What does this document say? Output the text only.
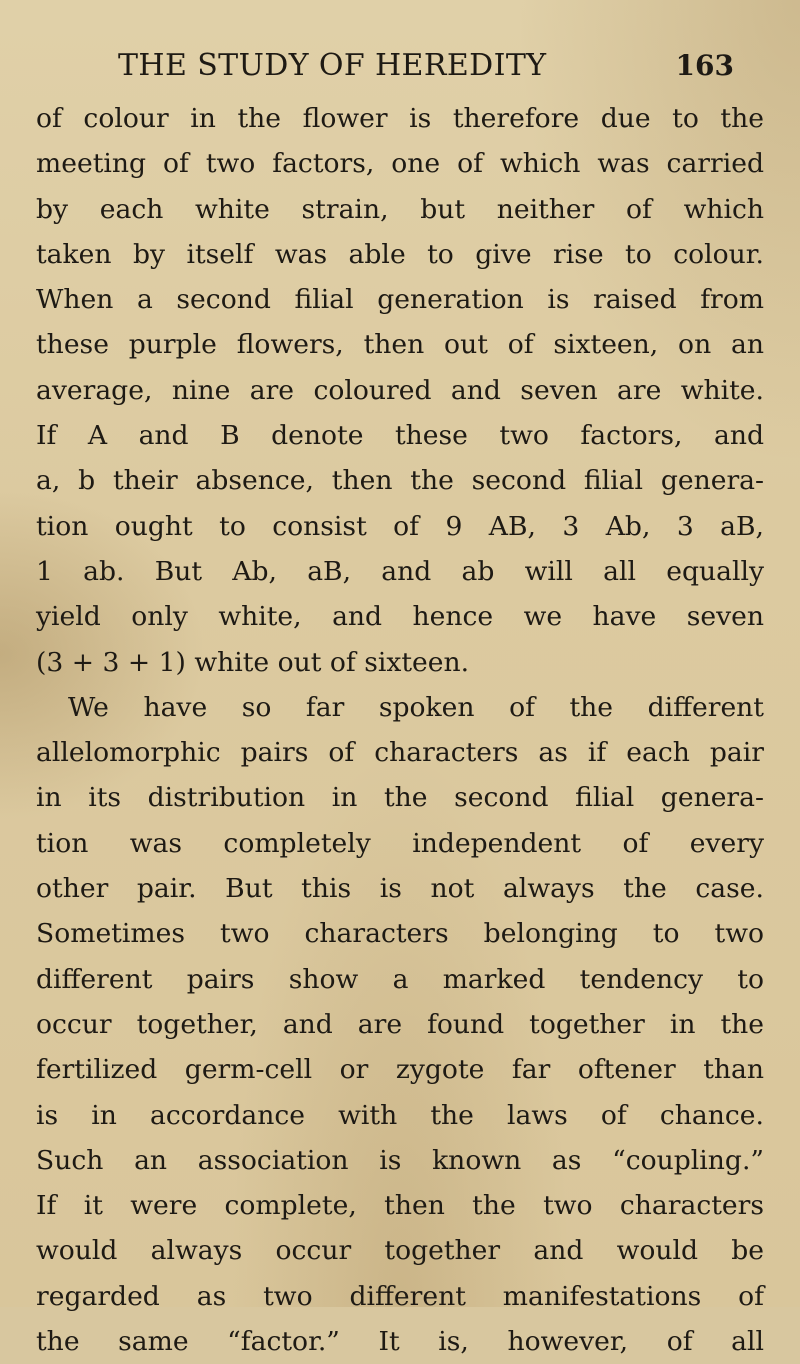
THE STUDY OF HEREDITY	163
of colour in the flower is therefore due to the
meeting of two factors, one of which was carried
by each white strain, but neither of which
taken by itself was able to give rise to colour.
When a second filial generation is raised from
these purple flowers, then out of sixteen, on an
average, nine are coloured and seven are white.
If A and B denote these two factors, and
a, b their absence, then the second filial genera-
tion ought to consist of 9 AB, 3 Ab, 3 aB,
1 ab. But Ab, aB, and ab will all equally
yield only white, and hence we have seven
(3 + 3 + 1) white out of sixteen.
We have so far spoken of the different
allelomorphic pairs of characters as if each pair
in its distribution in the second filial genera-
tion was completely independent of every
other pair. But this is not always the case.
Sometimes two characters belonging to two
different pairs show a marked tendency to
occur together, and are found together in the
fertilized germ-cell or zygote far oftener than
is in accordance with the laws of chance.
Such an association is known as “coupling.”
If it were complete, then the two characters
would always occur together and would be
regarded as two different manifestations of
the same “factor.” It is, however, of all
